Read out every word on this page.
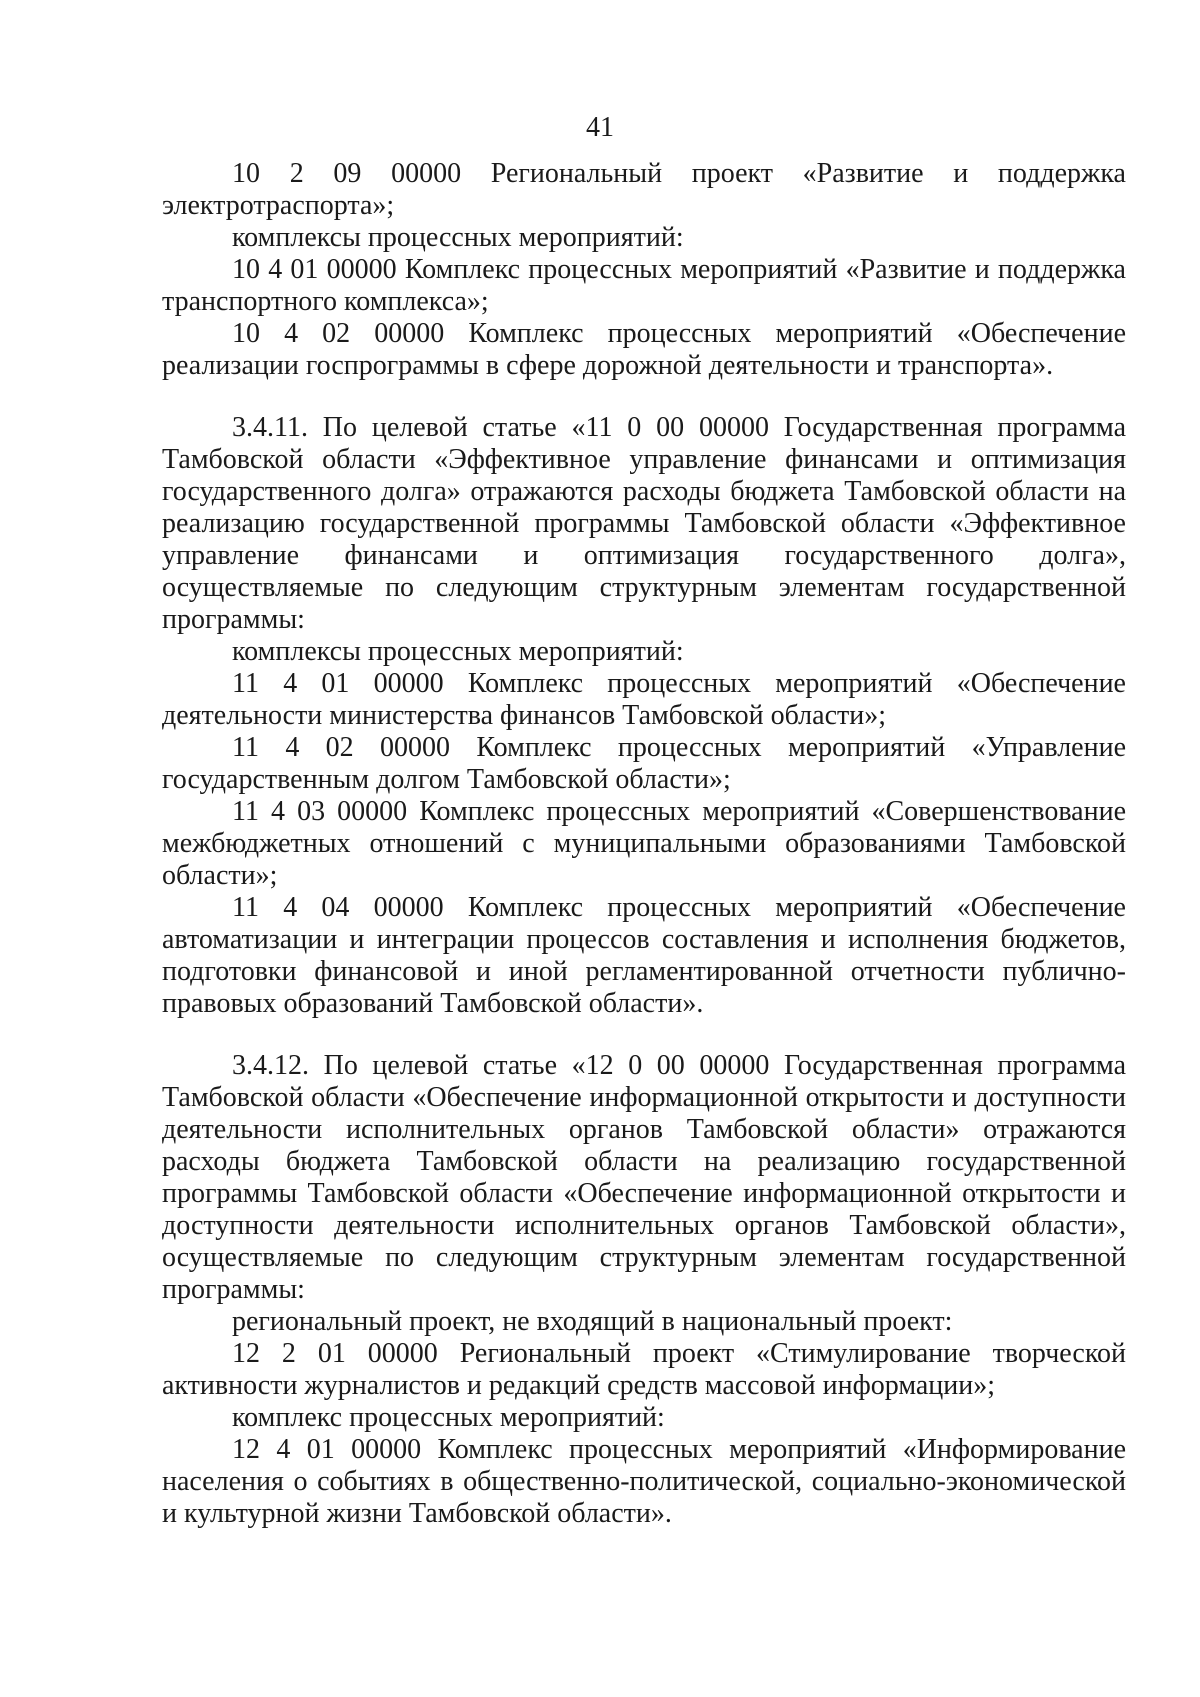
41

10 2 09 00000 Региональный проект «Развитие и поддержка электротраспорта»;

комплексы процессных мероприятий:

10 4 01 00000 Комплекс процессных мероприятий «Развитие и поддержка транспортного комплекса»;

10 4 02 00000 Комплекс процессных мероприятий «Обеспечение реализации госпрограммы в сфере дорожной деятельности и транспорта».

3.4.11. По целевой статье «11 0 00 00000 Государственная программа Тамбовской области «Эффективное управление финансами и оптимизация государственного долга» отражаются расходы бюджета Тамбовской области на реализацию государственной программы Тамбовской области «Эффективное управление финансами и оптимизация государственного долга», осуществляемые по следующим структурным элементам государственной программы:

комплексы процессных мероприятий:

11 4 01 00000 Комплекс процессных мероприятий «Обеспечение деятельности министерства финансов Тамбовской области»;

11 4 02 00000 Комплекс процессных мероприятий «Управление государственным долгом Тамбовской области»;

11 4 03 00000 Комплекс процессных мероприятий «Совершенствование межбюджетных отношений с муниципальными образованиями Тамбовской области»;

11 4 04 00000 Комплекс процессных мероприятий «Обеспечение автоматизации и интеграции процессов составления и исполнения бюджетов, подготовки финансовой и иной регламентированной отчетности публично-правовых образований Тамбовской области».

3.4.12. По целевой статье «12 0 00 00000 Государственная программа Тамбовской области «Обеспечение информационной открытости и доступности деятельности исполнительных органов Тамбовской области» отражаются расходы бюджета Тамбовской области на реализацию государственной программы Тамбовской области «Обеспечение информационной открытости и доступности деятельности исполнительных органов Тамбовской области», осуществляемые по следующим структурным элементам государственной программы:

региональный проект, не входящий в национальный проект:

12 2 01 00000 Региональный проект «Стимулирование творческой активности журналистов и редакций средств массовой информации»;

комплекс процессных мероприятий:

12 4 01 00000 Комплекс процессных мероприятий «Информирование населения о событиях в общественно-политической, социально-экономической и культурной жизни Тамбовской области».
